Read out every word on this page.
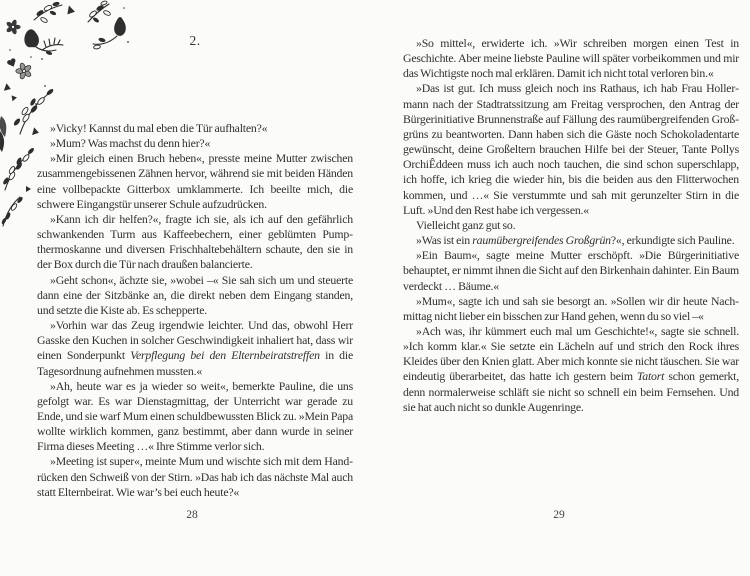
2.

»Vicky! Kannst du mal eben die Tür aufhalten?«

»Mum? Was machst du denn hier?«

»Mir gleich einen Bruch heben«, presste meine Mutter zwischen zusammengebissenen Zähnen hervor, während sie mit beiden Händen eine vollbepackte Gitterbox umklammerte. Ich beeilte mich, die schwere Eingangstür unserer Schule aufzudrücken.

»Kann ich dir helfen?«, fragte ich sie, als ich auf den gefährlich schwankenden Turm aus Kaffeebechern, einer geblümten Pumpthermoskanne und diversen Frischhaltebehältern schaute, den sie in der Box durch die Tür nach draußen balancierte.

»Geht schon«, ächzte sie, »wobei –« Sie sah sich um und steuerte dann eine der Sitzbänke an, die direkt neben dem Eingang standen, und setzte die Kiste ab. Es schepperte.

»Vorhin war das Zeug irgendwie leichter. Und das, obwohl Herr Gasske den Kuchen in solcher Geschwindigkeit inhaliert hat, dass wir einen Sonderpunkt Verpflegung bei den Elternbeiratstreffen in die Tagesordnung aufnehmen mussten.«

»Ah, heute war es ja wieder so weit«, bemerkte Pauline, die uns gefolgt war. Es war Dienstagmittag, der Unterricht war gerade zu Ende, und sie warf Mum einen schuldbewussten Blick zu. »Mein Papa wollte wirklich kommen, ganz bestimmt, aber dann wurde in seiner Firma dieses Meeting …« Ihre Stimme verlor sich.

»Meeting ist super«, meinte Mum und wischte sich mit dem Handrücken den Schweiß von der Stirn. »Das hab ich das nächste Mal auch statt Elternbeirat. Wie war’s bei euch heute?«

28

»So mittel«, erwiderte ich. »Wir schreiben morgen einen Test in Geschichte. Aber meine liebste Pauline will später vorbeikommen und mir das Wichtigste noch mal erklären. Damit ich nicht total verloren bin.«

»Das ist gut. Ich muss gleich noch ins Rathaus, ich hab Frau Hollermann nach der Stadtratssitzung am Freitag versprochen, den Antrag der Bürgerinitiative Brunnenstraße auf Fällung des raumübergreifenden Großgrüns zu beantworten. Dann haben sich die Gäste noch Schokoladentarte gewünscht, deine Großeltern brauchen Hilfe bei der Steuer, Tante Pollys OrchiÊddeen muss ich auch noch tauchen, die sind schon superschlapp, ich hoffe, ich krieg die wieder hin, bis die beiden aus den Flitterwochen kommen, und …« Sie verstummte und sah mit gerunzelter Stirn in die Luft. »Und den Rest habe ich vergessen.«

Vielleicht ganz gut so.

»Was ist ein raumübergreifendes Großgrün?«, erkundigte sich Pauline.

»Ein Baum«, sagte meine Mutter erschöpft. »Die Bürgerinitiative behauptet, er nimmt ihnen die Sicht auf den Birkenhain dahinter. Ein Baum verdeckt … Bäume.«

»Mum«, sagte ich und sah sie besorgt an. »Sollen wir dir heute Nachmittag nicht lieber ein bisschen zur Hand gehen, wenn du so viel –«

»Ach was, ihr kümmert euch mal um Geschichte!«, sagte sie schnell. »Ich komm klar.« Sie setzte ein Lächeln auf und strich den Rock ihres Kleides über den Knien glatt. Aber mich konnte sie nicht täuschen. Sie war eindeutig überarbeitet, das hatte ich gestern beim Tatort schon gemerkt, denn normalerweise schläft sie nicht so schnell ein beim Fernsehen. Und sie hat auch nicht so dunkle Augenringe.

29
